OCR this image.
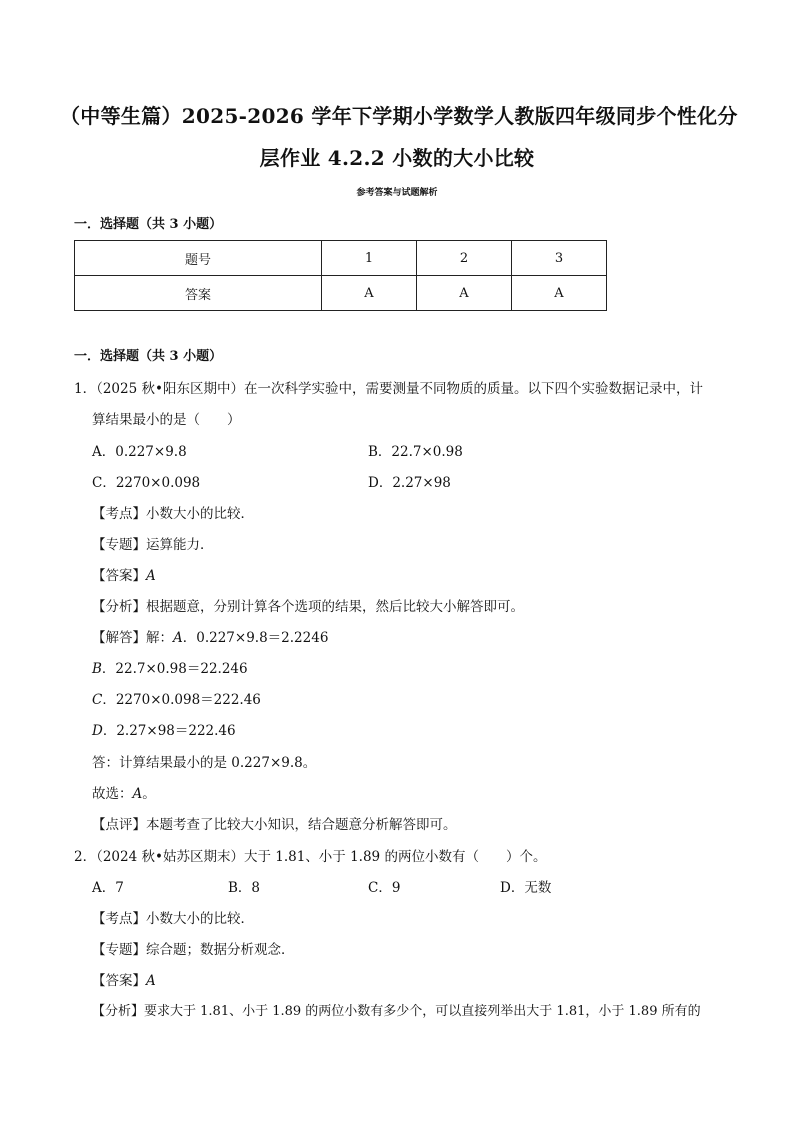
（中等生篇）2025-2026 学年下学期小学数学人教版四年级同步个性化分
层作业 4.2.2 小数的大小比较
参考答案与试题解析
一．选择题（共 3 小题）
题号	1	2	3
答案	A	A	A
一．选择题（共 3 小题）
1．（2025 秋•阳东区期中）在一次科学实验中，需要测量不同物质的质量。以下四个实验数据记录中，计
算结果最小的是（　　）
A．0.227×9.8	B．22.7×0.98
C．2270×0.098	D．2.27×98
【考点】小数大小的比较．
【专题】运算能力．
【答案】A
【分析】根据题意，分别计算各个选项的结果，然后比较大小解答即可。
【解答】解：A．0.227×9.8＝2.2246
B．22.7×0.98＝22.246
C．2270×0.098＝222.46
D．2.27×98＝222.46
答：计算结果最小的是 0.227×9.8。
故选：A。
【点评】本题考查了比较大小知识，结合题意分析解答即可。
2．（2024 秋•姑苏区期末）大于 1.81、小于 1.89 的两位小数有（　　）个。
A．7	B．8	C．9	D．无数
【考点】小数大小的比较．
【专题】综合题；数据分析观念．
【答案】A
【分析】要求大于 1.81、小于 1.89 的两位小数有多少个，可以直接列举出大于 1.81，小于 1.89 所有的
